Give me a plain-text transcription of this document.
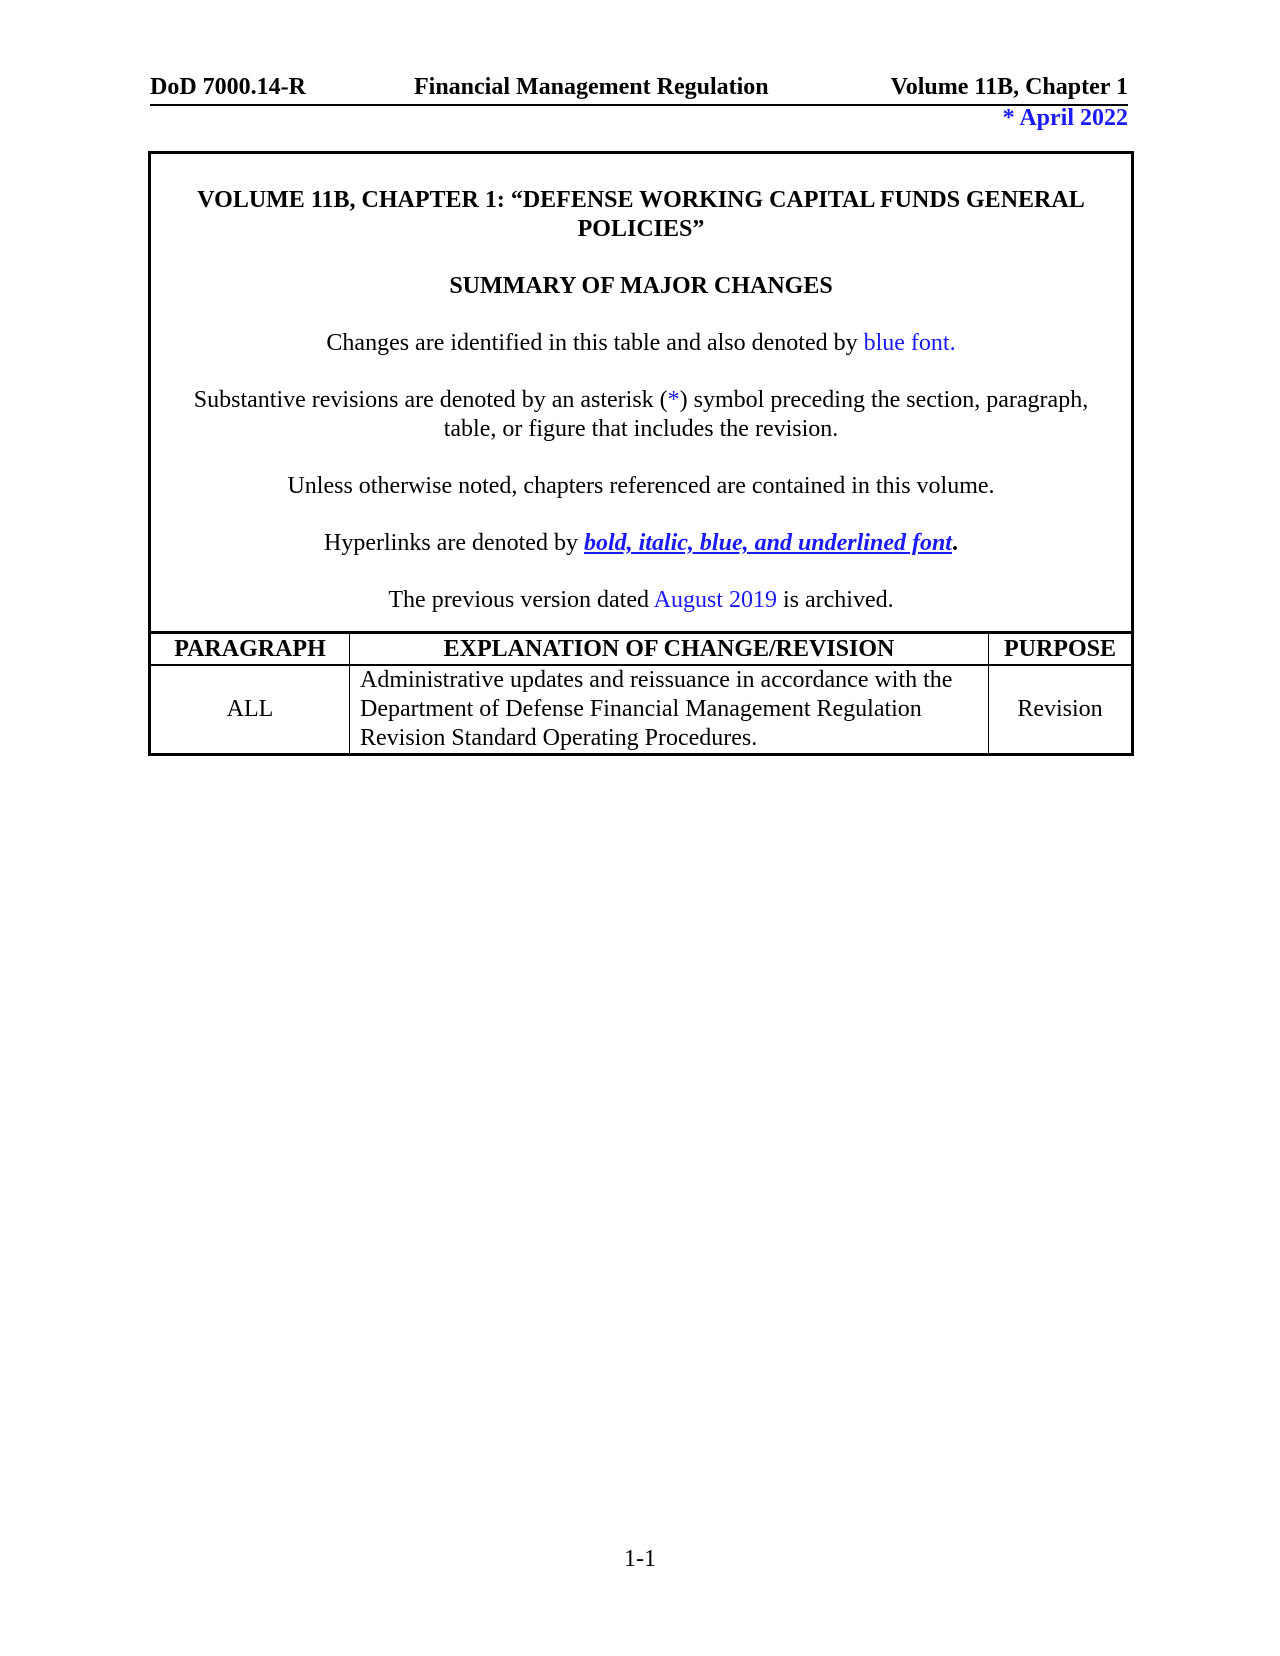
DoD 7000.14-R	Financial Management Regulation	Volume 11B, Chapter 1
* April 2022

VOLUME 11B, CHAPTER 1: “DEFENSE WORKING CAPITAL FUNDS GENERAL POLICIES”

SUMMARY OF MAJOR CHANGES

Changes are identified in this table and also denoted by blue font.

Substantive revisions are denoted by an asterisk (*) symbol preceding the section, paragraph, table, or figure that includes the revision.

Unless otherwise noted, chapters referenced are contained in this volume.

Hyperlinks are denoted by bold, italic, blue, and underlined font.

The previous version dated August 2019 is archived.

PARAGRAPH	EXPLANATION OF CHANGE/REVISION	PURPOSE
ALL	Administrative updates and reissuance in accordance with the Department of Defense Financial Management Regulation Revision Standard Operating Procedures.	Revision
1-1
